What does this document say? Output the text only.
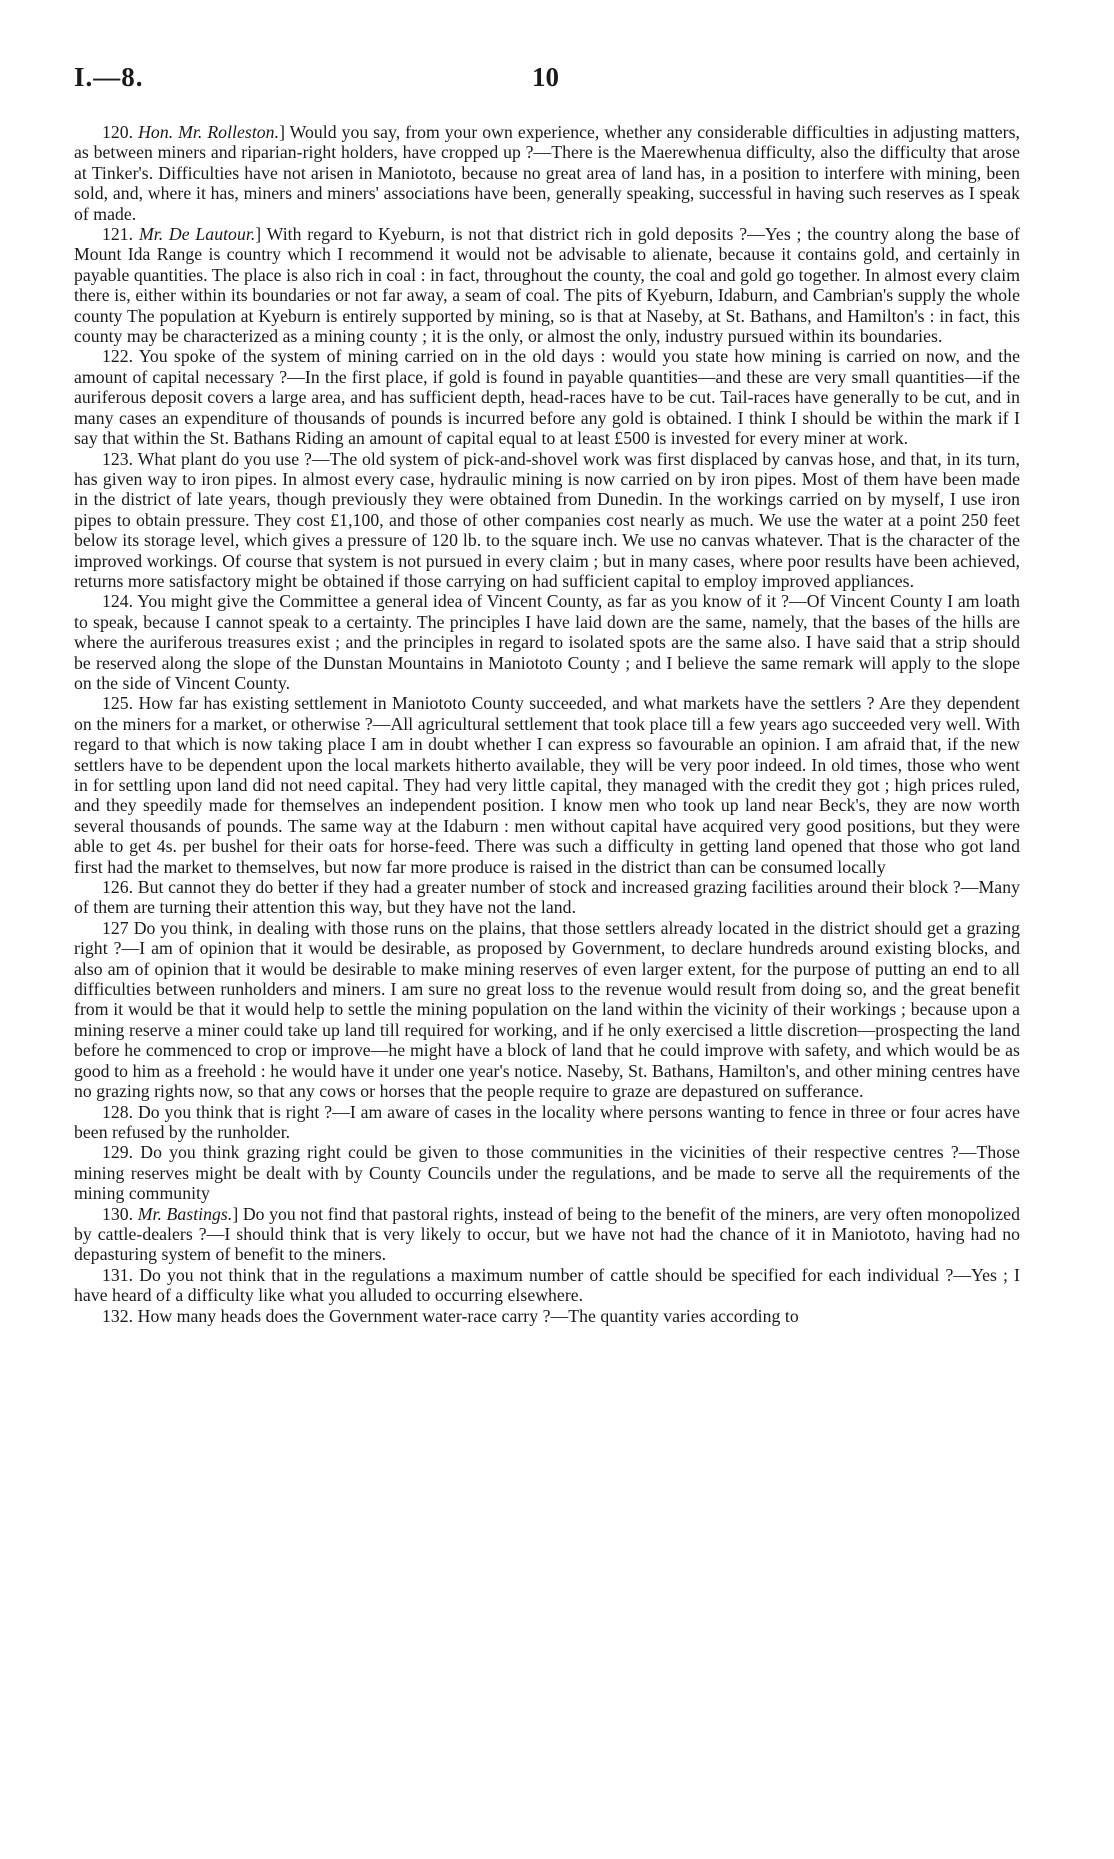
I.—8.	10

120. Hon. Mr. Rolleston.] Would you say, from your own experience, whether any considerable difficulties in adjusting matters, as between miners and riparian-right holders, have cropped up ?—There is the Maerewhenua difficulty, also the difficulty that arose at Tinker's. Difficulties have not arisen in Maniototo, because no great area of land has, in a position to interfere with mining, been sold, and, where it has, miners and miners' associations have been, generally speaking, successful in having such reserves as I speak of made.

121. Mr. De Lautour.] With regard to Kyeburn, is not that district rich in gold deposits ?—Yes ; the country along the base of Mount Ida Range is country which I recommend it would not be advisable to alienate, because it contains gold, and certainly in payable quantities. The place is also rich in coal : in fact, throughout the county, the coal and gold go together. In almost every claim there is, either within its boundaries or not far away, a seam of coal. The pits of Kyeburn, Idaburn, and Cambrian's supply the whole county The population at Kyeburn is entirely supported by mining, so is that at Naseby, at St. Bathans, and Hamilton's : in fact, this county may be characterized as a mining county ; it is the only, or almost the only, industry pursued within its boundaries.

122. You spoke of the system of mining carried on in the old days : would you state how mining is carried on now, and the amount of capital necessary ?—In the first place, if gold is found in payable quantities—and these are very small quantities—if the auriferous deposit covers a large area, and has sufficient depth, head-races have to be cut. Tail-races have generally to be cut, and in many cases an expenditure of thousands of pounds is incurred before any gold is obtained. I think I should be within the mark if I say that within the St. Bathans Riding an amount of capital equal to at least £500 is invested for every miner at work.

123. What plant do you use ?—The old system of pick-and-shovel work was first displaced by canvas hose, and that, in its turn, has given way to iron pipes. In almost every case, hydraulic mining is now carried on by iron pipes. Most of them have been made in the district of late years, though previously they were obtained from Dunedin. In the workings carried on by myself, I use iron pipes to obtain pressure. They cost £1,100, and those of other companies cost nearly as much. We use the water at a point 250 feet below its storage level, which gives a pressure of 120 lb. to the square inch. We use no canvas whatever. That is the character of the improved workings. Of course that system is not pursued in every claim ; but in many cases, where poor results have been achieved, returns more satisfactory might be obtained if those carrying on had sufficient capital to employ improved appliances.

124. You might give the Committee a general idea of Vincent County, as far as you know of it ?—Of Vincent County I am loath to speak, because I cannot speak to a certainty. The principles I have laid down are the same, namely, that the bases of the hills are where the auriferous treasures exist ; and the principles in regard to isolated spots are the same also. I have said that a strip should be reserved along the slope of the Dunstan Mountains in Maniototo County ; and I believe the same remark will apply to the slope on the side of Vincent County.

125. How far has existing settlement in Maniototo County succeeded, and what markets have the settlers ? Are they dependent on the miners for a market, or otherwise ?—All agricultural settlement that took place till a few years ago succeeded very well. With regard to that which is now taking place I am in doubt whether I can express so favourable an opinion. I am afraid that, if the new settlers have to be dependent upon the local markets hitherto available, they will be very poor indeed. In old times, those who went in for settling upon land did not need capital. They had very little capital, they managed with the credit they got ; high prices ruled, and they speedily made for themselves an independent position. I know men who took up land near Beck's, they are now worth several thousands of pounds. The same way at the Idaburn : men without capital have acquired very good positions, but they were able to get 4s. per bushel for their oats for horse-feed. There was such a difficulty in getting land opened that those who got land first had the market to themselves, but now far more produce is raised in the district than can be consumed locally

126. But cannot they do better if they had a greater number of stock and increased grazing facilities around their block ?—Many of them are turning their attention this way, but they have not the land.

127 Do you think, in dealing with those runs on the plains, that those settlers already located in the district should get a grazing right ?—I am of opinion that it would be desirable, as proposed by Government, to declare hundreds around existing blocks, and also am of opinion that it would be desirable to make mining reserves of even larger extent, for the purpose of putting an end to all difficulties between runholders and miners. I am sure no great loss to the revenue would result from doing so, and the great benefit from it would be that it would help to settle the mining population on the land within the vicinity of their workings ; because upon a mining reserve a miner could take up land till required for working, and if he only exercised a little discretion—prospecting the land before he commenced to crop or improve—he might have a block of land that he could improve with safety, and which would be as good to him as a freehold : he would have it under one year's notice. Naseby, St. Bathans, Hamilton's, and other mining centres have no grazing rights now, so that any cows or horses that the people require to graze are depastured on sufferance.

128. Do you think that is right ?—I am aware of cases in the locality where persons wanting to fence in three or four acres have been refused by the runholder.

129. Do you think grazing right could be given to those communities in the vicinities of their respective centres ?—Those mining reserves might be dealt with by County Councils under the regulations, and be made to serve all the requirements of the mining community

130. Mr. Bastings.] Do you not find that pastoral rights, instead of being to the benefit of the miners, are very often monopolized by cattle-dealers ?—I should think that is very likely to occur, but we have not had the chance of it in Maniototo, having had no depasturing system of benefit to the miners.

131. Do you not think that in the regulations a maximum number of cattle should be specified for each individual ?—Yes ; I have heard of a difficulty like what you alluded to occurring elsewhere.

132. How many heads does the Government water-race carry ?—The quantity varies according to
